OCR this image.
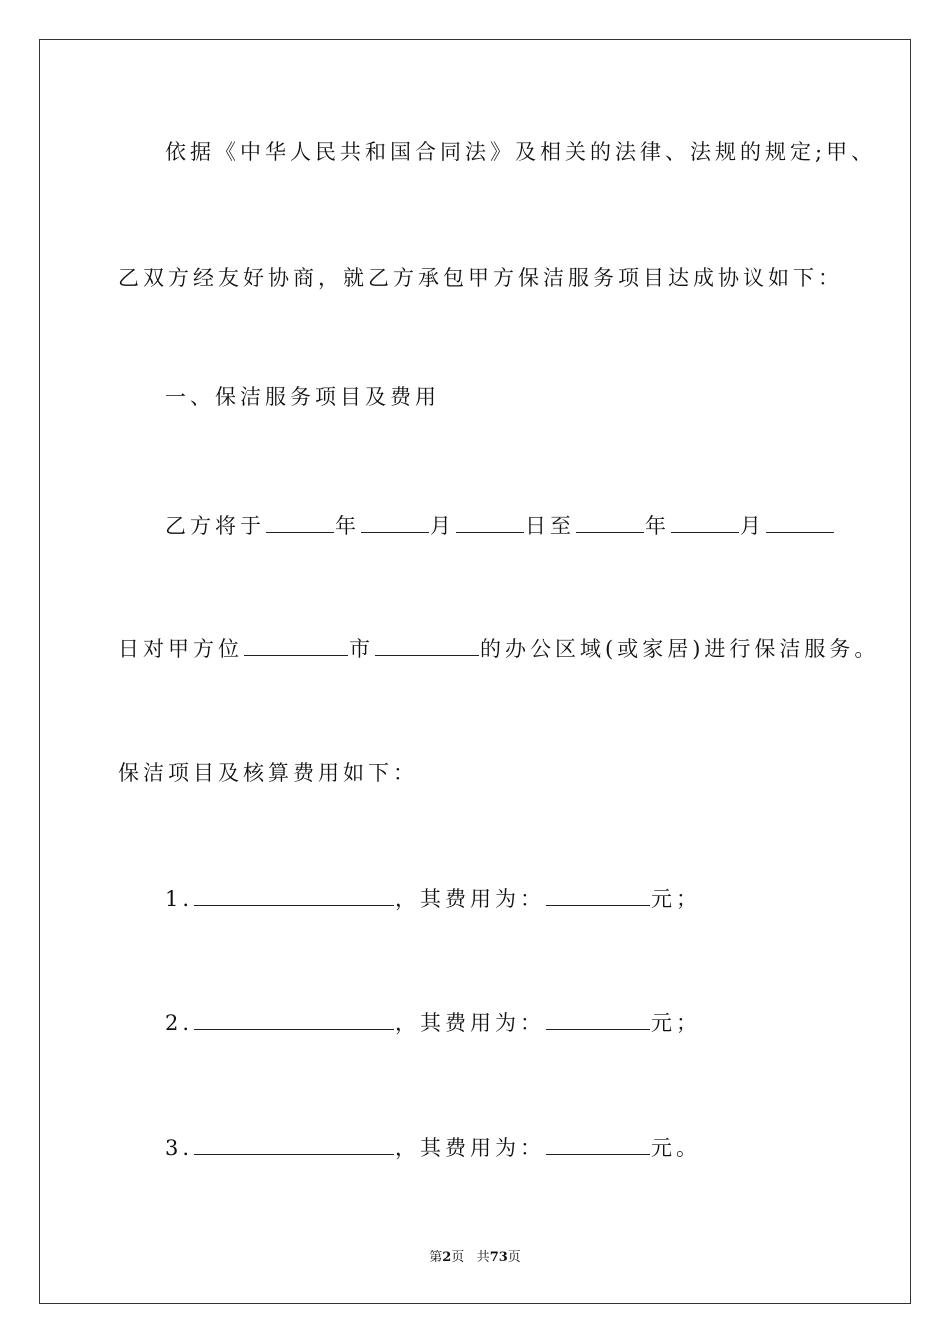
依据《中华人民共和国合同法》及相关的法律、法规的规定;甲、
乙双方经友好协商，就乙方承包甲方保洁服务项目达成协议如下：
一、保洁服务项目及费用
乙方将于	年	月	日至	年	月
日对甲方位	市	的办公区域(或家居)进行保洁服务。
保洁项目及核算费用如下：
1.	，其费用为：	元；
2.	，其费用为：	元；
3.	，其费用为：	元。
第2页 共73页
